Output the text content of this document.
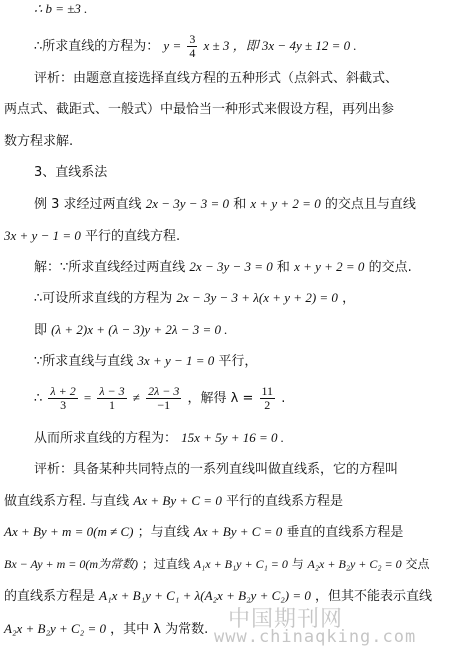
∴ b = ±3 .
∴所求直线的方程为： $y = \frac{3}{4}$ x ± 3 ，即 3x − 4y ± 12 = 0 .
评析：由题意直接选择直线方程的五种形式（点斜式、斜截式、
两点式、截距式、一般式）中最恰当一种形式来假设方程，再列出参
数方程求解.
3、直线系法
例 3 求经过两直线 2x − 3y − 3 = 0 和 x + y + 2 = 0 的交点且与直线
3x + y − 1 = 0 平行的直线方程.
解：∵所求直线经过两直线 2x − 3y − 3 = 0 和 x + y + 2 = 0 的交点.
∴可设所求直线的方程为 2x − 3y − 3 + λ(x + y + 2) = 0 ，
即 (λ + 2)x + (λ − 3)y + 2λ − 3 = 0 .
∵所求直线与直线 3x + y − 1 = 0 平行，
∴ $\frac{\lambda + 2}{3} = \frac{\lambda - 3}{1} \ne \frac{2\lambda - 3}{-1}$ ，解得 $\lambda = \frac{11}{2}$ .
从而所求直线的方程为： 15x + 5y + 16 = 0 .
评析：具备某种共同特点的一系列直线叫做直线系，它的方程叫
做直线系方程. 与直线 Ax + By + C = 0 平行的直线系方程是
Ax + By + m = 0(m ≠ C) ；与直线 Ax + By + C = 0 垂直的直线系方程是
Bx − Ay + m = 0(m为常数) ；过直线 A₁x + B₁y + C₁ = 0 与 A₂x + B₂y + C₂ = 0 交点
的直线系方程是 A₁x + B₁y + C₁ + λ(A₂x + B₂y + C₂) = 0 ，但其不能表示直线
A₂x + B₂y + C₂ = 0 ，其中 λ 为常数. 中国期刊网
www.chinaqking.com
